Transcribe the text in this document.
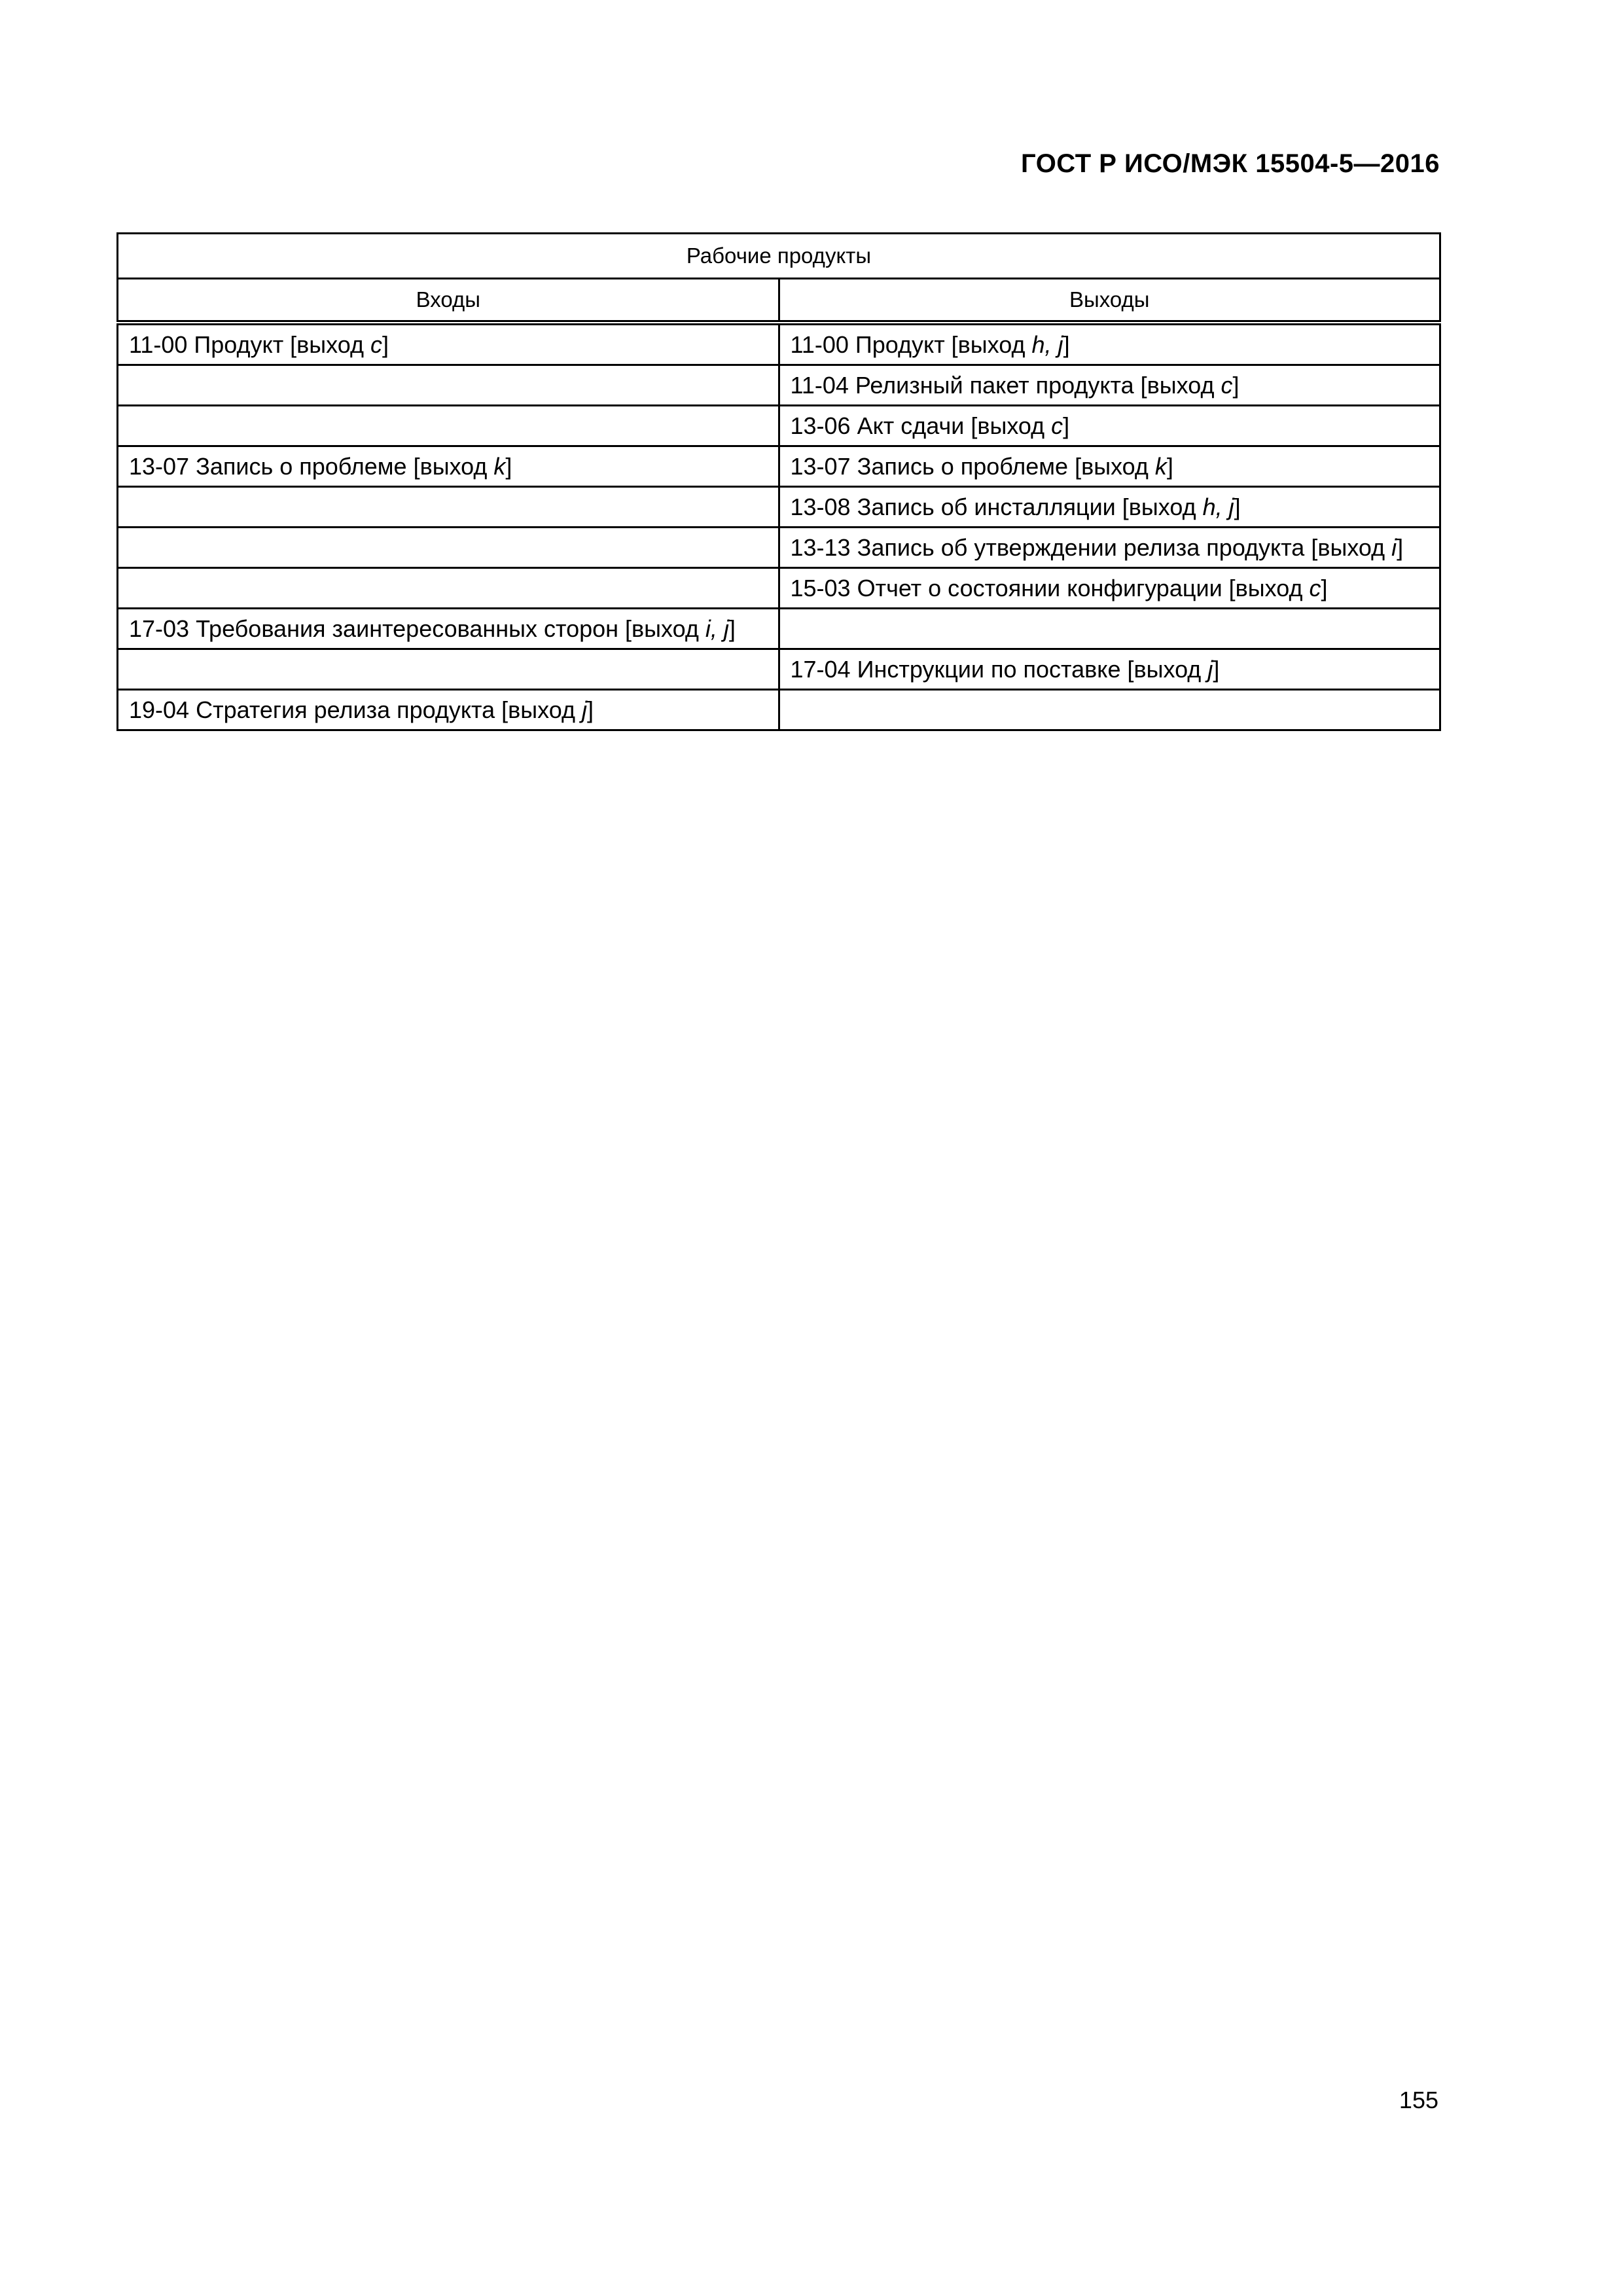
ГОСТ Р ИСО/МЭК 15504-5—2016
Рабочие продукты	
Входы	Выходы
11-00 Продукт [выход c]	11-00 Продукт [выход h, j]
	11-04 Релизный пакет продукта [выход c]
	13-06 Акт сдачи [выход c]
13-07 Запись о проблеме [выход k]	13-07 Запись о проблеме [выход k]
	13-08 Запись об инсталляции [выход h, j]
	13-13 Запись об утверждении релиза продукта [выход i]
	15-03 Отчет о состоянии конфигурации [выход c]
17-03 Требования заинтересованных сторон [выход i, j]	
	17-04 Инструкции по поставке [выход j]
19-04 Стратегия релиза продукта [выход j]	
155
